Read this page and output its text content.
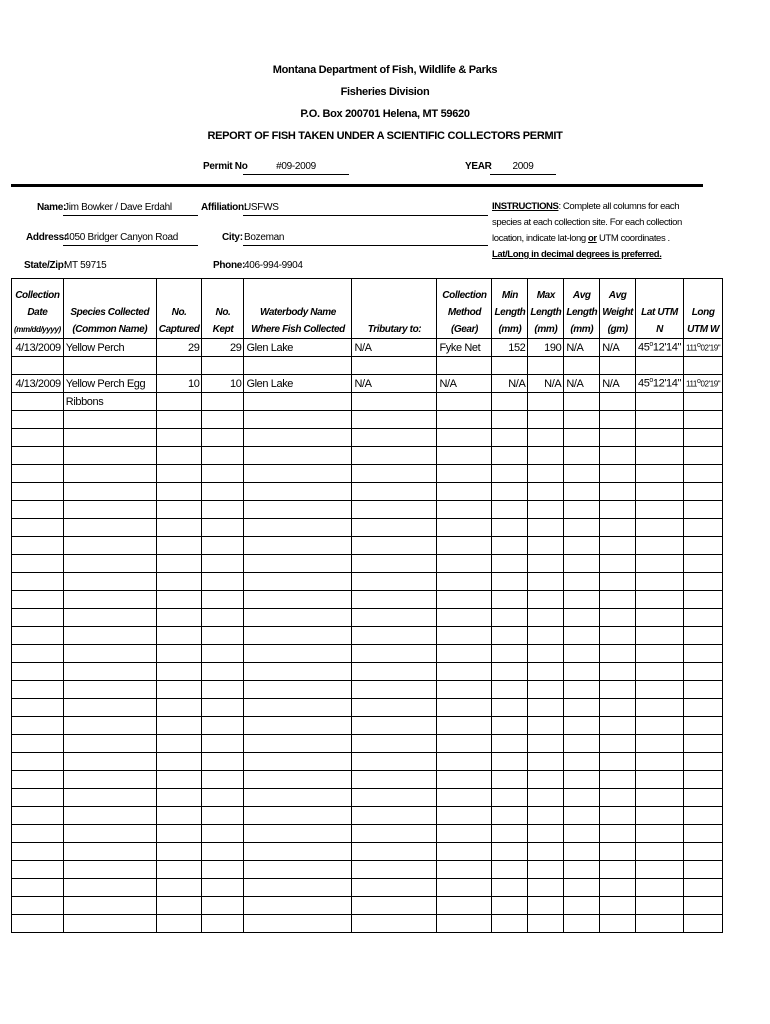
Montana Department of Fish, Wildlife & Parks
Fisheries Division
P.O. Box 200701 Helena, MT 59620
REPORT OF FISH TAKEN UNDER A SCIENTIFIC COLLECTORS PERMIT
Permit No	#09-2009	YEAR	2009
Name:
Jim Bowker / Dave Erdahl	Affiliation:
USFWS
Address:
4050 Bridger Canyon Road	City: Bozeman
State/Zip:
MT 59715	Phone:
406-994-9904
INSTRUCTIONS: Complete all columns for each species at each collection site. For each collection location, indicate lat-long or UTM coordinates . Lat/Long in decimal degrees is preferred.
Collection Date
(mm/dd/yyyy)	Species Collected (Common Name)	No. Captured	No. Kept	Waterbody Name Where Fish Collected	Tributary to:	Collection Method (Gear)	Min Length (mm)	Max Length (mm)	Avg Length (mm)	Avg Weight (gm)	Lat UTM N	Long UTM W
4/13/2009	Yellow Perch	29	29	Glen Lake	N/A	Fyke Net	152	190	N/A	N/A	45$^o$12'14"	111o02'19"

4/13/2009	Yellow Perch Egg	10	10	Glen Lake	N/A	N/A	N/A	N/A	N/A	N/A	45$^o$12'14"	111o02'19"
	Ribbons											
